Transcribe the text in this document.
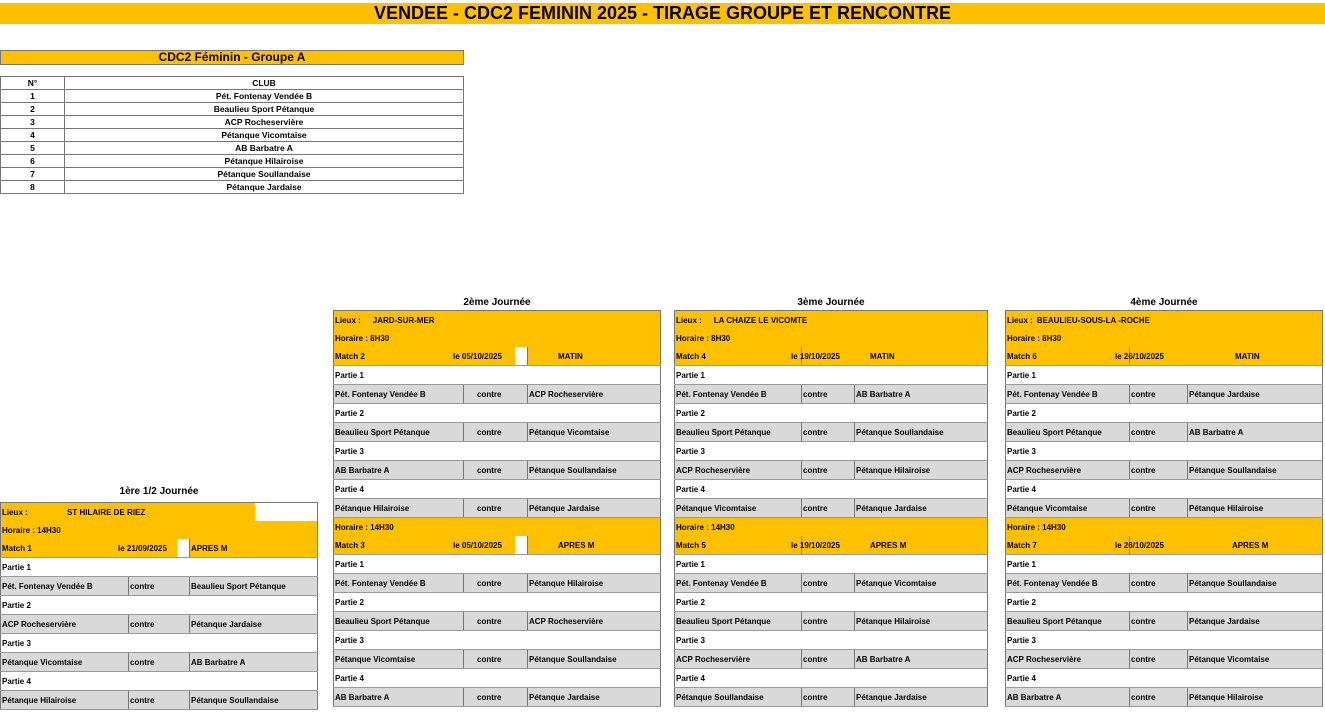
VENDEE - CDC2 FEMININ 2025 - TIRAGE GROUPE ET RENCONTRE
CDC2 Féminin - Groupe A
N°	CLUB
1	Pét. Fontenay Vendée B
2	Beaulieu Sport Pétanque
3	ACP Rocheservière
4	Pétanque Vicomtaise
5	AB Barbatre A
6	Pétanque Hilairoise
7	Pétanque Soullandaise
8	Pétanque Jardaise
1ère 1/2 Journée
Lieux :	ST HILAIRE DE RIEZ
Horaire : 14H30
Match 1	le 21/09/2025	APRES M
Partie 1
Pét. Fontenay Vendée B	contre	Beaulieu Sport Pétanque
Partie 2
ACP Rocheservière	contre	Pétanque Jardaise
Partie 3
Pétanque Vicomtaise	contre	AB Barbatre A
Partie 4
Pétanque Hilairoise	contre	Pétanque Soullandaise
2ème Journée
Lieux : JARD-SUR-MER
Horaire : 8H30
Match 2	le 05/10/2025	MATIN
Partie 1
Pét. Fontenay Vendée B	contre	ACP Rocheservière
Partie 2
Beaulieu Sport Pétanque	contre	Pétanque Vicomtaise
Partie 3
AB Barbatre A	contre	Pétanque Soullandaise
Partie 4
Pétanque Hilairoise	contre	Pétanque Jardaise
Horaire : 14H30
Match 3	le 05/10/2025	APRES M
Partie 1
Pét. Fontenay Vendée B	contre	Pétanque Hilairoise
Partie 2
Beaulieu Sport Pétanque	contre	ACP Rocheservière
Partie 3
Pétanque Vicomtaise	contre	Pétanque Soullandaise
Partie 4
AB Barbatre A	contre	Pétanque Jardaise
3ème Journée
Lieux : LA CHAIZE LE VICOMTE		
Horaire : 8H30		
Match 4	le 19/10/2025 MATIN	
Partie 1		
Pét. Fontenay Vendée B	contre	AB Barbatre A
Partie 2		
Beaulieu Sport Pétanque	contre	Pétanque Soullandaise
Partie 3		
ACP Rocheservière	contre	Pétanque Hilairoise
Partie 4		
Pétanque Vicomtaise	contre	Pétanque Jardaise
Horaire : 14H30		
Match 5	le 19/10/2025 APRES M	
Partie 1		
Pét. Fontenay Vendée B	contre	Pétanque Vicomtaise
Partie 2		
Beaulieu Sport Pétanque	contre	Pétanque Hilairoise
Partie 3		
ACP Rocheservière	contre	AB Barbatre A
Partie 4		
Pétanque Soullandaise	contre	Pétanque Jardaise
4ème Journée
Lieux : BEAULIEU-SOUS-LA -ROCHE		
Horaire : 8H30		
Match 6	le 26/10/2025 MATIN	
Partie 1		
Pét. Fontenay Vendée B	contre	Pétanque Jardaise
Partie 2		
Beaulieu Sport Pétanque	contre	AB Barbatre A
Partie 3		
ACP Rocheservière	contre	Pétanque Soullandaise
Partie 4		
Pétanque Vicomtaise	contre	Pétanque Hilairoise
Horaire : 14H30		
Match 7	le 26/10/2025 APRES M	
Partie 1		
Pét. Fontenay Vendée B	contre	Pétanque Soullandaise
Partie 2		
Beaulieu Sport Pétanque	contre	Pétanque Jardaise
Partie 3		
ACP Rocheservière	contre	Pétanque Vicomtaise
Partie 4		
AB Barbatre A	contre	Pétanque Hilairoise
